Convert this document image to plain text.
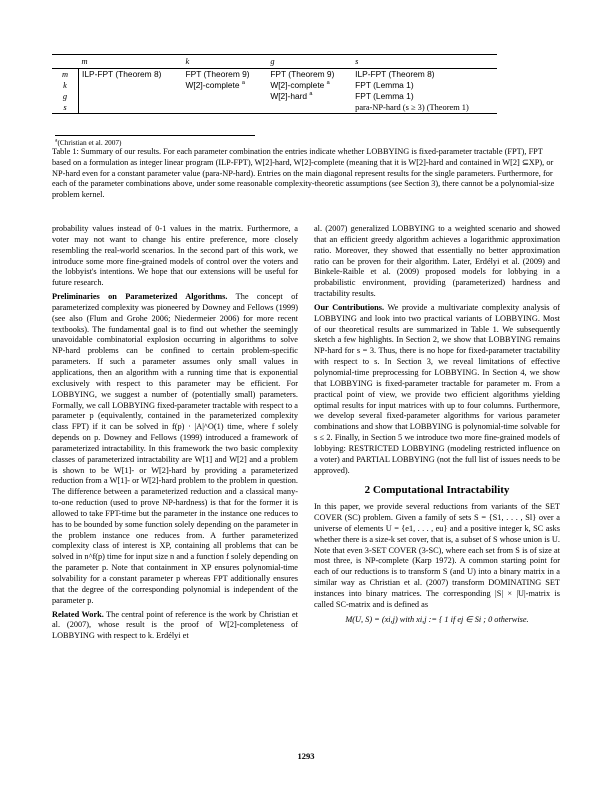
	m	k	g	s
m	ILP-FPT (Theorem 8)	FPT (Theorem 9)	FPT (Theorem 9)	ILP-FPT (Theorem 8)
k		W[2]-complete $^a$	W[2]-complete $^a$	FPT (Lemma 1)
g			W[2]-hard $^a$	FPT (Lemma 1)
s				para-NP-hard (s ≥ 3) (Theorem 1)
$^a$(Christian et al. 2007)
Table 1: Summary of our results. For each parameter combination the entries indicate whether LOBBYING is fixed-parameter tractable (FPT), FPT based on a formulation as integer linear program (ILP-FPT), W[2]-hard, W[2]-complete (meaning that it is W[2]-hard and contained in W[2] ⊆XP), or NP-hard even for a constant parameter value (para-NP-hard). Entries on the main diagonal represent results for the single parameters. Furthermore, for each of the parameter combinations above, under some reasonable complexity-theoretic assumptions (see Section 3), there cannot be a polynomial-size problem kernel.

probability values instead of 0-1 values in the matrix. Furthermore, a voter may not want to change his entire preference, more closely resembling the real-world scenarios. In the second part of this work, we introduce some more fine-grained models of control over the voters and the lobbyist's intentions. We hope that our extensions will be useful for future research.

Preliminaries on Parameterized Algorithms. The concept of parameterized complexity was pioneered by Downey and Fellows (1999) (see also (Flum and Grohe 2006; Niedermeier 2006) for more recent textbooks). The fundamental goal is to find out whether the seemingly unavoidable combinatorial explosion occurring in algorithms to solve NP-hard problems can be confined to certain problem-specific parameters. If such a parameter assumes only small values in applications, then an algorithm with a running time that is exponential exclusively with respect to this parameter may be efficient. For LOBBYING, we suggest a number of (potentially small) parameters. Formally, we call LOBBYING fixed-parameter tractable with respect to a parameter p (equivalently, contained in the parameterized complexity class FPT) if it can be solved in f(p) · |A|^O(1) time, where f solely depends on p. Downey and Fellows (1999) introduced a framework of parameterized intractability. In this framework the two basic complexity classes of parameterized intractability are W[1] and W[2] and a problem is shown to be W[1]- or W[2]-hard by providing a parameterized reduction from a W[1]- or W[2]-hard problem to the problem in question. The difference between a parameterized reduction and a classical many-to-one reduction (used to prove NP-hardness) is that for the former it is allowed to take FPT-time but the parameter in the instance one reduces to has to be bounded by some function solely depending on the parameter in the problem instance one reduces from. A further parameterized complexity class of interest is XP, containing all problems that can be solved in n^f(p) time for input size n and a function f solely depending on the parameter p. Note that containment in XP ensures polynomial-time solvability for a constant parameter p whereas FPT additionally ensures that the degree of the corresponding polynomial is independent of the parameter p.

Related Work. The central point of reference is the work by Christian et al. (2007), whose result is the proof of W[2]-completeness of LOBBYING with respect to k. Erdélyi et

al. (2007) generalized LOBBYING to a weighted scenario and showed that an efficient greedy algorithm achieves a logarithmic approximation ratio. Moreover, they showed that essentially no better approximation ratio can be proven for their algorithm. Later, Erdélyi et al. (2009) and Binkele-Raible et al. (2009) proposed models for lobbying in a probabilistic environment, providing (parameterized) hardness and tractability results.

Our Contributions. We provide a multivariate complexity analysis of LOBBYING and look into two practical variants of LOBBYING. Most of our theoretical results are summarized in Table 1. We subsequently sketch a few highlights. In Section 2, we show that LOBBYING remains NP-hard for s = 3. Thus, there is no hope for fixed-parameter tractability with respect to s. In Section 3, we reveal limitations of effective polynomial-time preprocessing for LOBBYING. In Section 4, we show that LOBBYING is fixed-parameter tractable for parameter m. From a practical point of view, we provide two efficient algorithms yielding optimal results for input matrices with up to four columns. Furthermore, we develop several fixed-parameter algorithms for various parameter combinations and show that LOBBYING is polynomial-time solvable for s ≤ 2. Finally, in Section 5 we introduce two more fine-grained models of lobbying: RESTRICTED LOBBYING (modeling restricted influence on a voter) and PARTIAL LOBBYING (not the full list of issues needs to be approved).

2 Computational Intractability

In this paper, we provide several reductions from variants of the SET COVER (SC) problem. Given a family of sets S = {S1, . . . , Sl} over a universe of elements U = {e1, . . . , eu} and a positive integer k, SC asks whether there is a size-k set cover, that is, a subset of S whose union is U. Note that even 3-SET COVER (3-SC), where each set from S is of size at most three, is NP-complete (Karp 1972). A common starting point for each of our reductions is to transform S (and U) into a binary matrix in a similar way as Christian et al. (2007) transform DOMINATING SET instances into binary matrices. The corresponding |S| × |U|-matrix is called SC-matrix and is defined as

M(U, S) = (xi,j) with xi,j := { 1 if ej ∈ Si ; 0 otherwise.
1293
